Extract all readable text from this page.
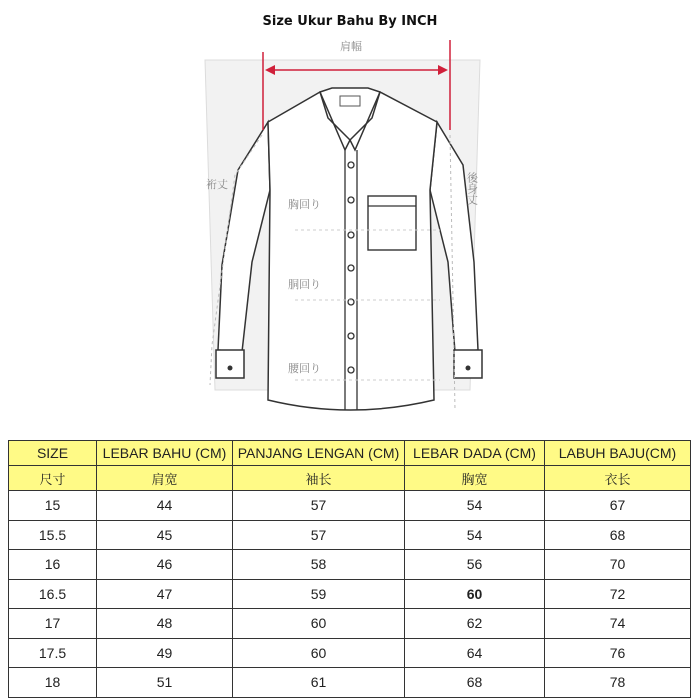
Size Ukur Bahu By INCH
肩幅
裄丈	後身丈
胸回り
胴回り
腰回り
SIZE	LEBAR BAHU (CM)	PANJANG LENGAN (CM)	LEBAR DADA (CM)	LABUH BAJU(CM)
尺寸	肩宽	袖长	胸宽	衣长
15	44	57	54	67
15.5	45	57	54	68
16	46	58	56	70
16.5	47	59	60	72
17	48	60	62	74
17.5	49	60	64	76
18	51	61	68	78
